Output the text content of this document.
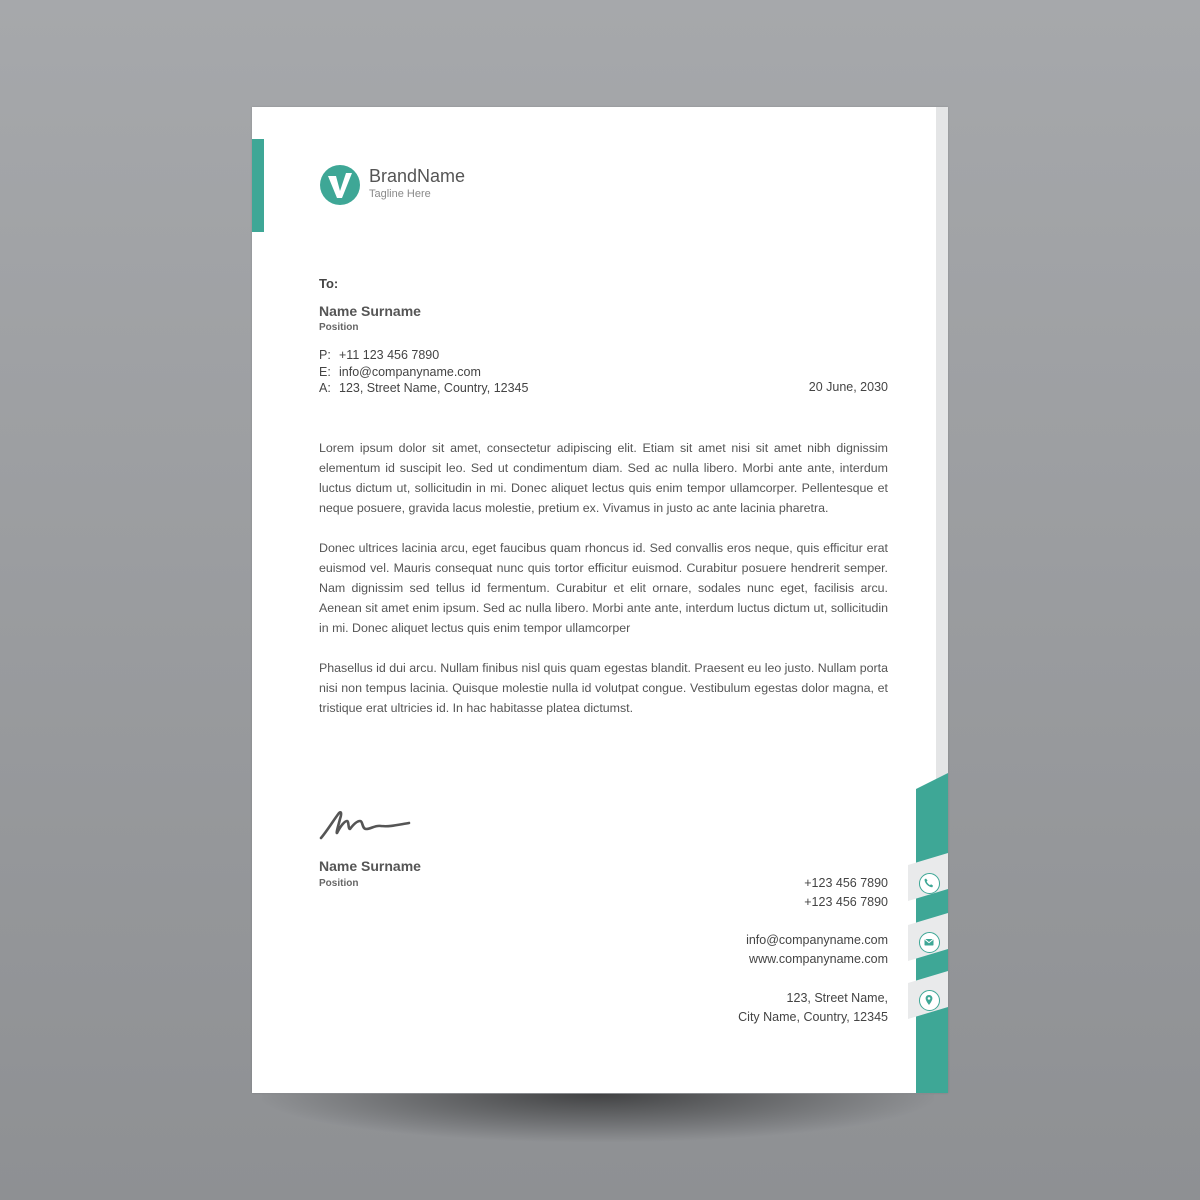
BrandName
Tagline Here
To:
Name Surname
Position
P: +11 123 456 7890
E: info@companyname.com
A: 123, Street Name, Country, 12345	20 June, 2030

Lorem ipsum dolor sit amet, consectetur adipiscing elit. Etiam sit amet nisi sit amet nibh dignissim elementum id suscipit leo. Sed ut condimentum diam. Sed ac nulla libero. Morbi ante ante, interdum luctus dictum ut, sollicitudin in mi. Donec aliquet lectus quis enim tempor ullamcorper. Pellentesque et neque posuere, gravida lacus molestie, pretium ex. Vivamus in justo ac ante lacinia pharetra.

Donec ultrices lacinia arcu, eget faucibus quam rhoncus id. Sed convallis eros neque, quis efficitur erat euismod vel. Mauris consequat nunc quis tortor efficitur euismod. Curabitur posuere hendrerit semper. Nam dignissim sed tellus id fermentum. Curabitur et elit ornare, sodales nunc eget, facilisis arcu. Aenean sit amet enim ipsum. Sed ac nulla libero. Morbi ante ante, interdum luctus dictum ut, sollicitudin in mi. Donec aliquet lectus quis enim tempor ullamcorper

Phasellus id dui arcu. Nullam finibus nisl quis quam egestas blandit. Praesent eu leo justo. Nullam porta nisi non tempus lacinia. Quisque molestie nulla id volutpat congue. Vestibulum egestas dolor magna, et tristique erat ultricies id. In hac habitasse platea dictumst.

Name Surname
Position	+123 456 7890
+123 456 7890
info@companyname.com
www.companyname.com
123, Street Name,
City Name, Country, 12345
